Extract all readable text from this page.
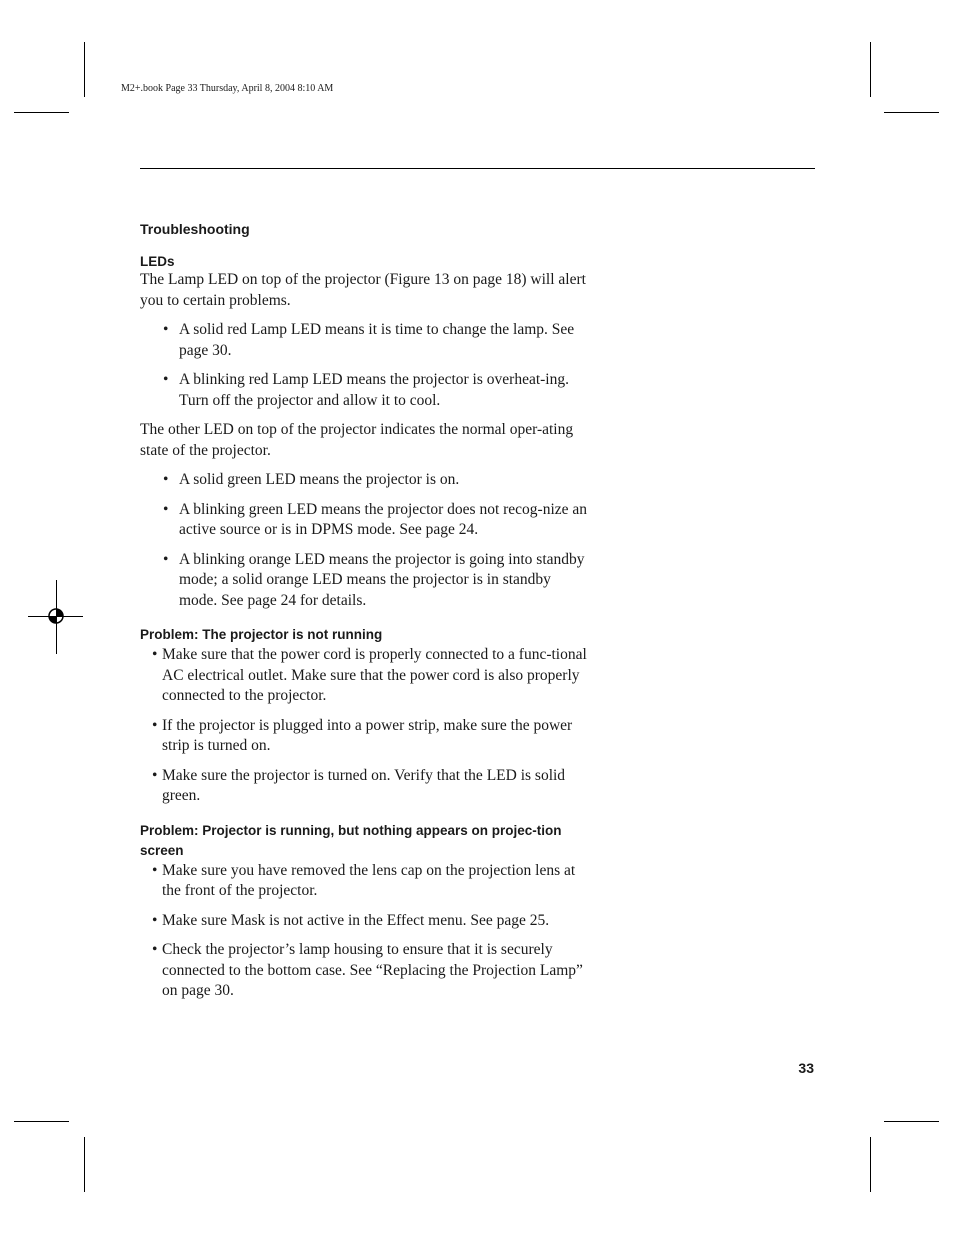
M2+.book Page 33 Thursday, April 8, 2004 8:10 AM
Troubleshooting
LEDs

The Lamp LED on top of the projector (Figure 13 on page 18) will alert you to certain problems.

• A solid red Lamp LED means it is time to change the lamp. See page 30.
• A blinking red Lamp LED means the projector is overheat-ing. Turn off the projector and allow it to cool.

The other LED on top of the projector indicates the normal oper-ating state of the projector.

• A solid green LED means the projector is on.
• A blinking green LED means the projector does not recog-nize an active source or is in DPMS mode. See page 24.
• A blinking orange LED means the projector is going into standby mode; a solid orange LED means the projector is in standby mode. See page 24 for details.
Problem: The projector is not running
• Make sure that the power cord is properly connected to a func-tional AC electrical outlet. Make sure that the power cord is also properly connected to the projector.
• If the projector is plugged into a power strip, make sure the power strip is turned on.
• Make sure the projector is turned on. Verify that the LED is solid green.
Problem: Projector is running, but nothing appears on projec-tion screen
• Make sure you have removed the lens cap on the projection lens at the front of the projector.
• Make sure Mask is not active in the Effect menu. See page 25.
• Check the projector’s lamp housing to ensure that it is securely connected to the bottom case. See “Replacing the Projection Lamp” on page 30.
33
